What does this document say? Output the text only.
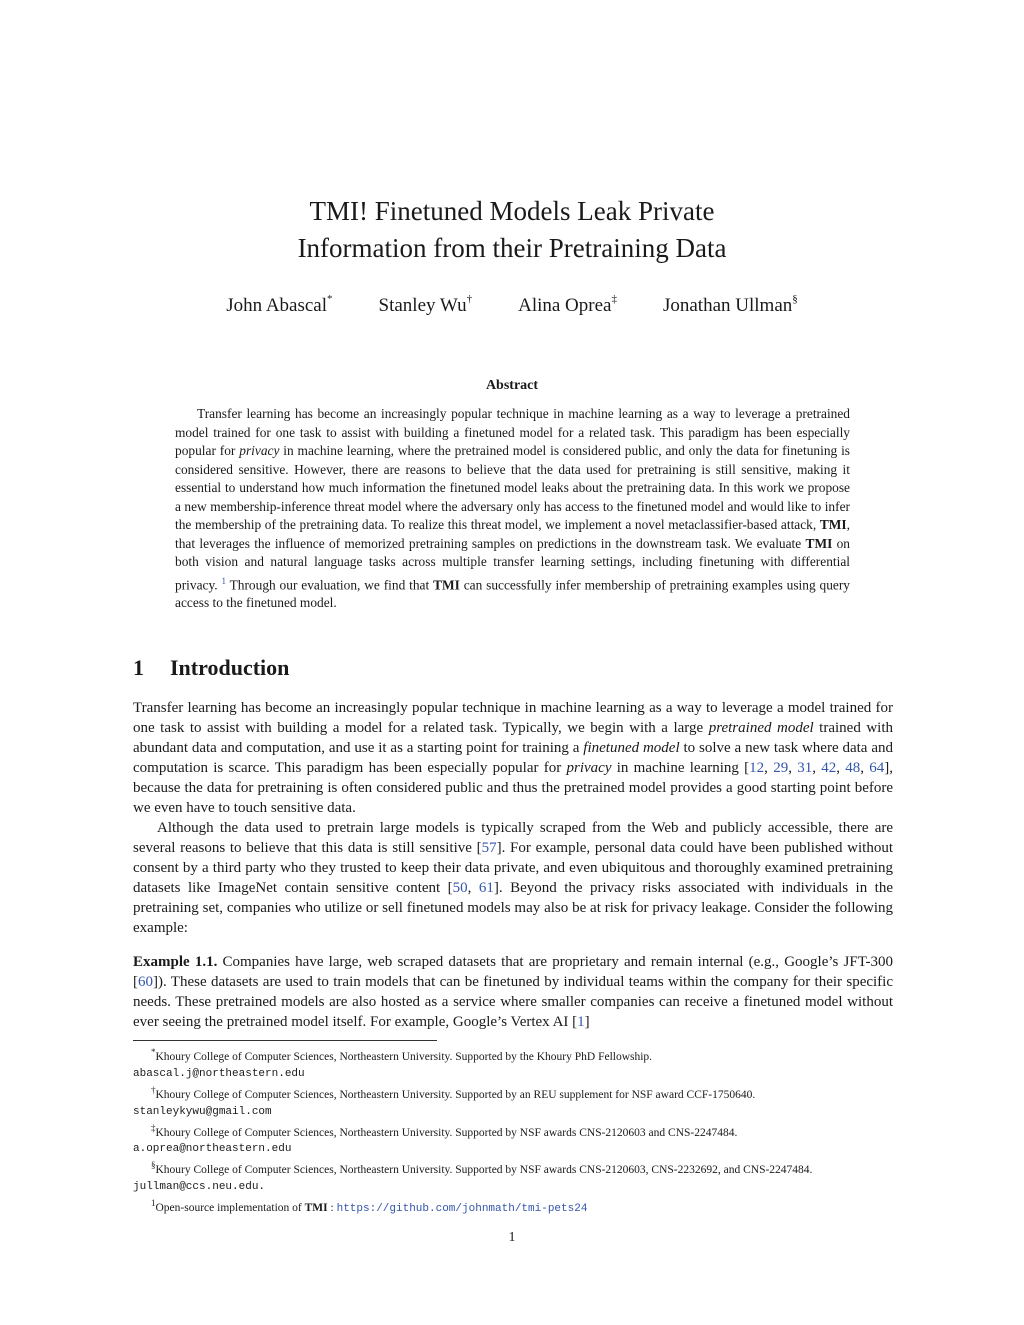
TMI! Finetuned Models Leak Private
Information from their Pretraining Data
John Abascal* Stanley Wu† Alina Oprea‡ Jonathan Ullman§
Abstract
Transfer learning has become an increasingly popular technique in machine learning as a way to leverage a pretrained model trained for one task to assist with building a finetuned model for a related task. This paradigm has been especially popular for privacy in machine learning, where the pretrained model is considered public, and only the data for finetuning is considered sensitive. However, there are reasons to believe that the data used for pretraining is still sensitive, making it essential to understand how much information the finetuned model leaks about the pretraining data. In this work we propose a new membership-inference threat model where the adversary only has access to the finetuned model and would like to infer the membership of the pretraining data. To realize this threat model, we implement a novel metaclassifier-based attack, TMI, that leverages the influence of memorized pretraining samples on predictions in the downstream task. We evaluate TMI on both vision and natural language tasks across multiple transfer learning settings, including finetuning with differential privacy. $^1$ Through our evaluation, we find that TMI can successfully infer membership of pretraining examples using query access to the finetuned model.
1 Introduction
Transfer learning has become an increasingly popular technique in machine learning as a way to leverage a model trained for one task to assist with building a model for a related task. Typically, we begin with a large pretrained model trained with abundant data and computation, and use it as a starting point for training a finetuned model to solve a new task where data and computation is scarce. This paradigm has been especially popular for privacy in machine learning [12, 29, 31, 42, 48, 64], because the data for pretraining is often considered public and thus the pretrained model provides a good starting point before we even have to touch sensitive data.
Although the data used to pretrain large models is typically scraped from the Web and publicly accessible, there are several reasons to believe that this data is still sensitive [57]. For example, personal data could have been published without consent by a third party who they trusted to keep their data private, and even ubiquitous and thoroughly examined pretraining datasets like ImageNet contain sensitive content [50, 61]. Beyond the privacy risks associated with individuals in the pretraining set, companies who utilize or sell finetuned models may also be at risk for privacy leakage. Consider the following example:
Example 1.1. Companies have large, web scraped datasets that are proprietary and remain internal (e.g., Google’s JFT-300 [60]). These datasets are used to train models that can be finetuned by individual teams within the company for their specific needs. These pretrained models are also hosted as a service where smaller companies can receive a finetuned model without ever seeing the pretrained model itself. For example, Google’s Vertex AI [1]
*Khoury College of Computer Sciences, Northeastern University. Supported by the Khoury PhD Fellowship.
abascal.j@northeastern.edu
†Khoury College of Computer Sciences, Northeastern University. Supported by an REU supplement for NSF award CCF-1750640.
stanleykywu@gmail.com
‡Khoury College of Computer Sciences, Northeastern University. Supported by NSF awards CNS-2120603 and CNS-2247484.
a.oprea@northeastern.edu
§Khoury College of Computer Sciences, Northeastern University. Supported by NSF awards CNS-2120603, CNS-2232692, and CNS-2247484.
jullman@ccs.neu.edu.
$^1$Open-source implementation of TMI : https://github.com/johnmath/tmi-pets24
1
